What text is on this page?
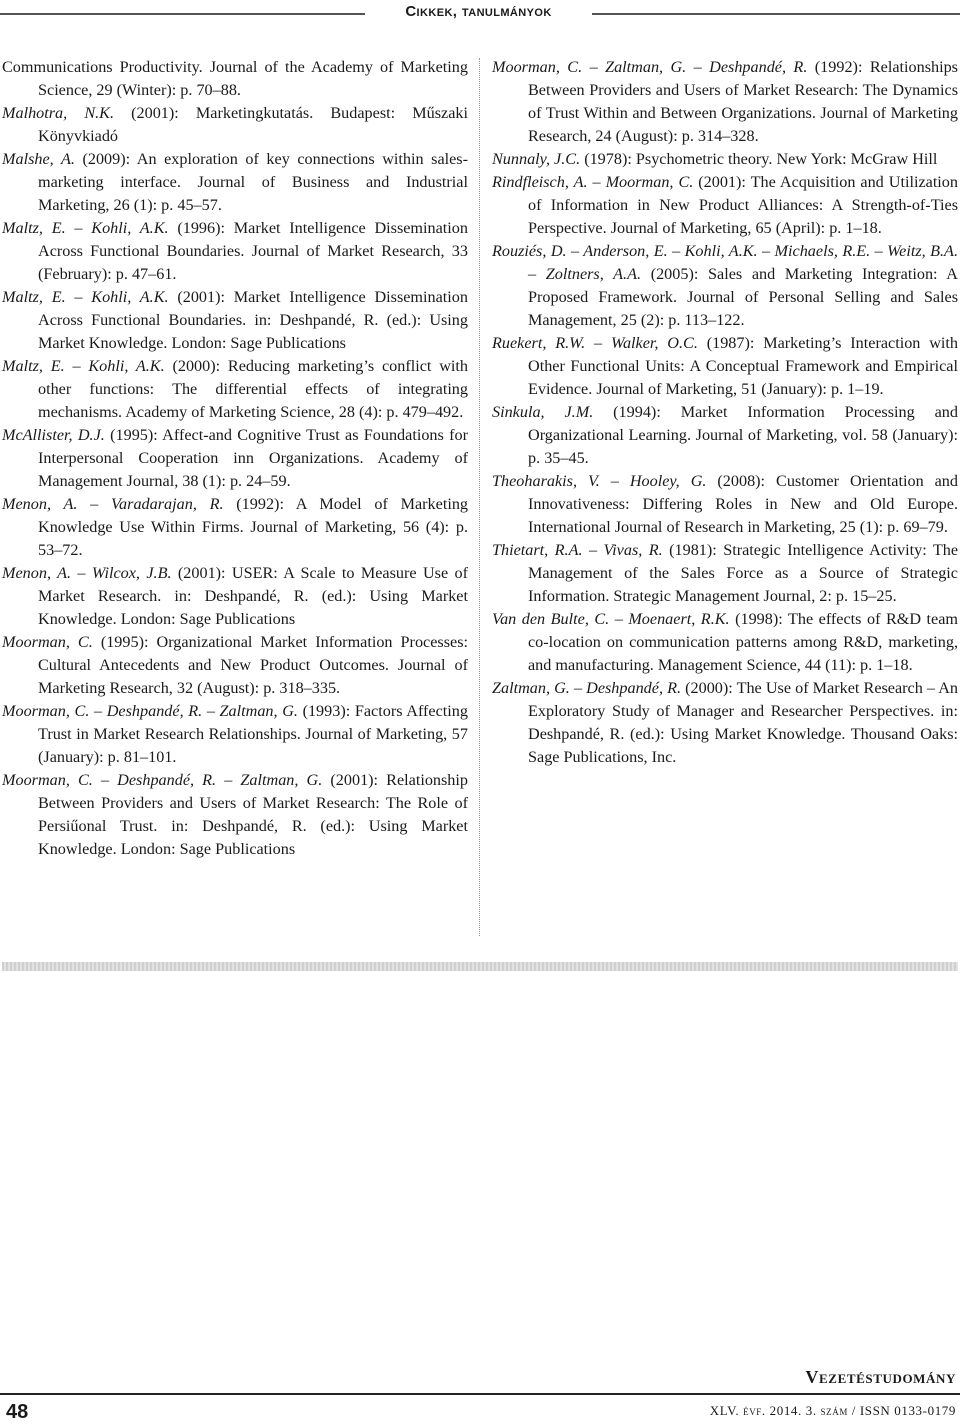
Cikkek, tanulmányok

Communications Productivity. Journal of the Academy of Marketing Science, 29 (Winter): p. 70–88.

Malhotra, N.K. (2001): Marketingkutatás. Budapest: Műszaki Könyvkiadó

Malshe, A. (2009): An exploration of key connections within sales-marketing interface. Journal of Business and Industrial Marketing, 26 (1): p. 45–57.

Maltz, E. – Kohli, A.K. (1996): Market Intelligence Dissemination Across Functional Boundaries. Journal of Market Research, 33 (February): p. 47–61.

Maltz, E. – Kohli, A.K. (2001): Market Intelligence Dissemination Across Functional Boundaries. in: Deshpandé, R. (ed.): Using Market Knowledge. London: Sage Publications

Maltz, E. – Kohli, A.K. (2000): Reducing marketing’s conflict with other functions: The differential effects of integrating mechanisms. Academy of Marketing Science, 28 (4): p. 479–492.

McAllister, D.J. (1995): Affect-and Cognitive Trust as Foundations for Interpersonal Cooperation inn Organizations. Academy of Management Journal, 38 (1): p. 24–59.

Menon, A. – Varadarajan, R. (1992): A Model of Marketing Knowledge Use Within Firms. Journal of Marketing, 56 (4): p. 53–72.

Menon, A. – Wilcox, J.B. (2001): USER: A Scale to Measure Use of Market Research. in: Deshpandé, R. (ed.): Using Market Knowledge. London: Sage Publications

Moorman, C. (1995): Organizational Market Information Processes: Cultural Antecedents and New Product Outcomes. Journal of Marketing Research, 32 (August): p. 318–335.

Moorman, C. – Deshpandé, R. – Zaltman, G. (1993): Factors Affecting Trust in Market Research Relationships. Journal of Marketing, 57 (January): p. 81–101.

Moorman, C. – Deshpandé, R. – Zaltman, G. (2001): Relationship Between Providers and Users of Market Research: The Role of Persiűonal Trust. in: Deshpandé, R. (ed.): Using Market Knowledge. London: Sage Publications

Moorman, C. – Zaltman, G. – Deshpandé, R. (1992): Relationships Between Providers and Users of Market Research: The Dynamics of Trust Within and Between Organizations. Journal of Marketing Research, 24 (August): p. 314–328.

Nunnaly, J.C. (1978): Psychometric theory. New York: McGraw Hill

Rindfleisch, A. – Moorman, C. (2001): The Acquisition and Utilization of Information in New Product Alliances: A Strength-of-Ties Perspective. Journal of Marketing, 65 (April): p. 1–18.

Rouziés, D. – Anderson, E. – Kohli, A.K. – Michaels, R.E. – Weitz, B.A. – Zoltners, A.A. (2005): Sales and Marketing Integration: A Proposed Framework. Journal of Personal Selling and Sales Management, 25 (2): p. 113–122.

Ruekert, R.W. – Walker, O.C. (1987): Marketing’s Interaction with Other Functional Units: A Conceptual Framework and Empirical Evidence. Journal of Marketing, 51 (January): p. 1–19.

Sinkula, J.M. (1994): Market Information Processing and Organizational Learning. Journal of Marketing, vol. 58 (January): p. 35–45.

Theoharakis, V. – Hooley, G. (2008): Customer Orientation and Innovativeness: Differing Roles in New and Old Europe. International Journal of Research in Marketing, 25 (1): p. 69–79.

Thietart, R.A. – Vivas, R. (1981): Strategic Intelligence Activity: The Management of the Sales Force as a Source of Strategic Information. Strategic Management Journal, 2: p. 15–25.

Van den Bulte, C. – Moenaert, R.K. (1998): The effects of R&D team co-location on communication patterns among R&D, marketing, and manufacturing. Management Science, 44 (11): p. 1–18.

Zaltman, G. – Deshpandé, R. (2000): The Use of Market Research – An Exploratory Study of Manager and Researcher Perspectives. in: Deshpandé, R. (ed.): Using Market Knowledge. Thousand Oaks: Sage Publications, Inc.

Vezetéstudomány
48	XLV. évf. 2014. 3. szám / ISSN 0133-0179
